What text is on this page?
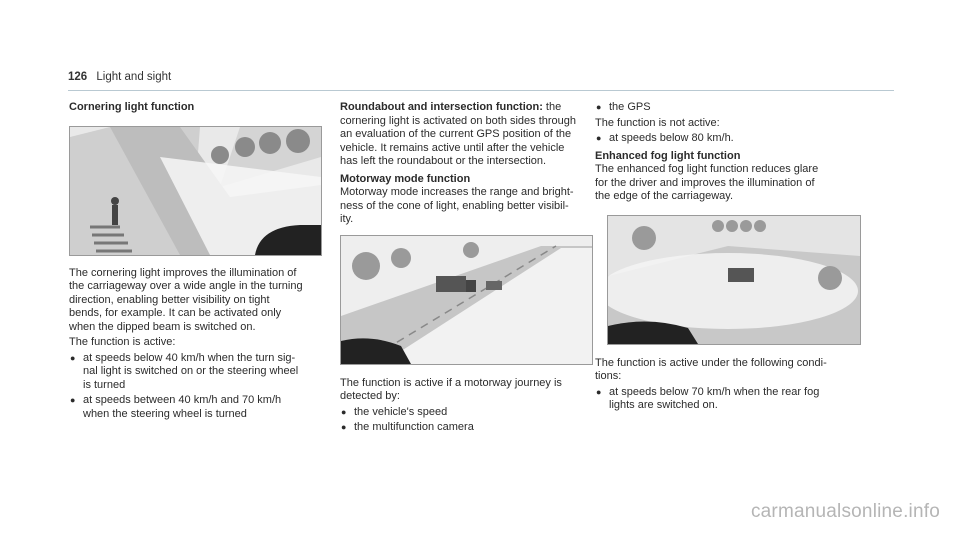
126 Light and sight

Cornering light function

The cornering light improves the illumination of

the carriageway over a wide angle in the turning

direction, enabling better visibility on tight

bends, for example. It can be activated only

when the dipped beam is switched on.

The function is active:

● at speeds below 40 km/h when the turn sig-

nal light is switched on or the steering wheel

is turned

● at speeds between 40 km/h and 70 km/h

when the steering wheel is turned

Roundabout and intersection function: the

cornering light is activated on both sides through

an evaluation of the current GPS position of the

vehicle. It remains active until after the vehicle

has left the roundabout or the intersection.

Motorway mode function

Motorway mode increases the range and bright-

ness of the cone of light, enabling better visibil-

ity.

The function is active if a motorway journey is

detected by:

● the vehicle's speed

● the multifunction camera

● the GPS

The function is not active:

● at speeds below 80 km/h.

Enhanced fog light function

The enhanced fog light function reduces glare

for the driver and improves the illumination of

the edge of the carriageway.

The function is active under the following condi-

tions:

● at speeds below 70 km/h when the rear fog

lights are switched on.

carmanualsonline.info
